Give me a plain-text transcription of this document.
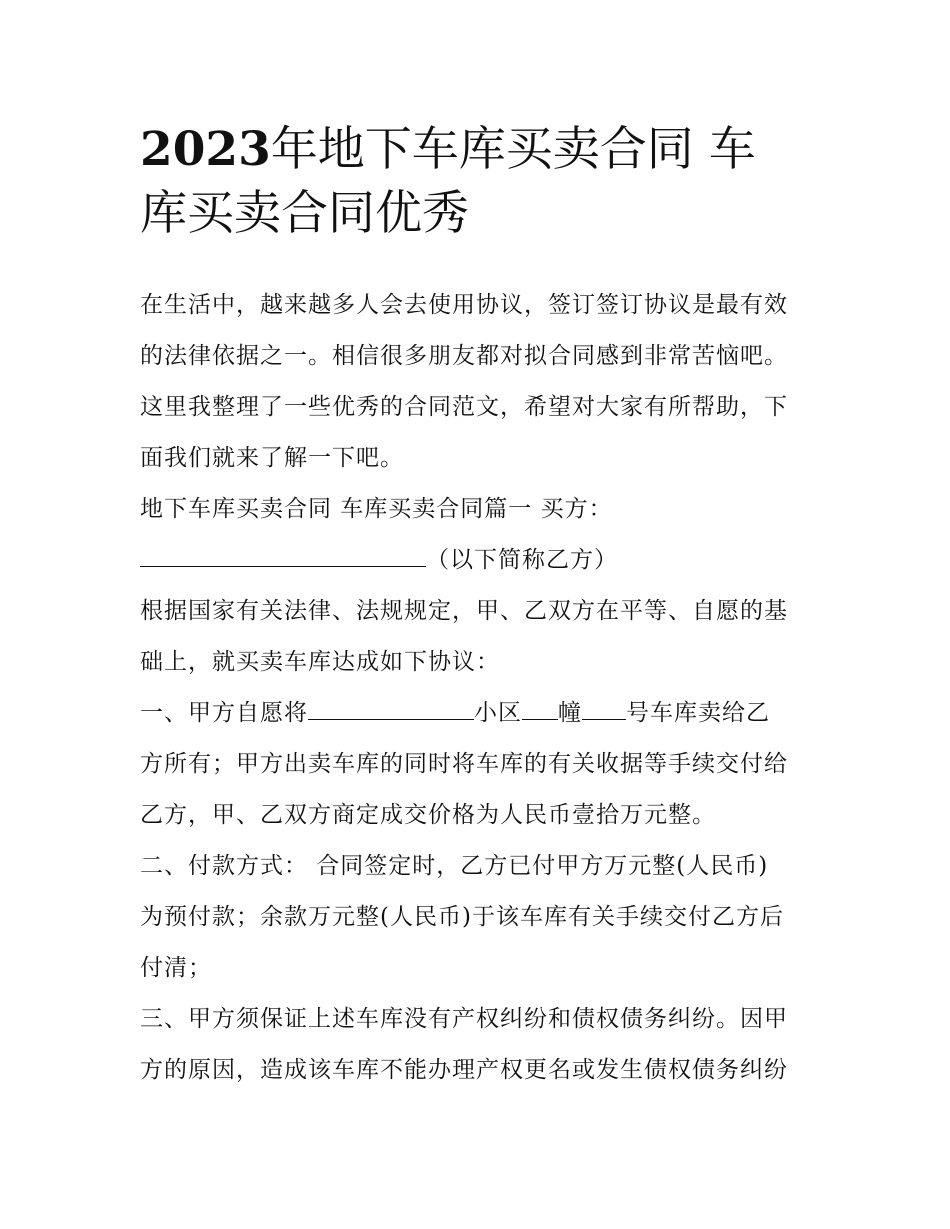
2023年地下车库买卖合同 车
库买卖合同优秀
在生活中，越来越多人会去使用协议，签订签订协议是最有效
的法律依据之一。相信很多朋友都对拟合同感到非常苦恼吧。
这里我整理了一些优秀的合同范文，希望对大家有所帮助，下
面我们就来了解一下吧。
地下车库买卖合同 车库买卖合同篇一 买方：
（以下简称乙方）
根据国家有关法律、法规规定，甲、乙双方在平等、自愿的基
础上，就买卖车库达成如下协议：
一、甲方自愿将	小区 幢 号车库卖给乙
方所有；甲方出卖车库的同时将车库的有关收据等手续交付给
乙方，甲、乙双方商定成交价格为人民币壹拾万元整。
二、付款方式： 合同签定时，乙方已付甲方万元整(人民币)
为预付款；余款万元整(人民币)于该车库有关手续交付乙方后
付清；
三、甲方须保证上述车库没有产权纠纷和债权债务纠纷。因甲
方的原因，造成该车库不能办理产权更名或发生债权债务纠纷
